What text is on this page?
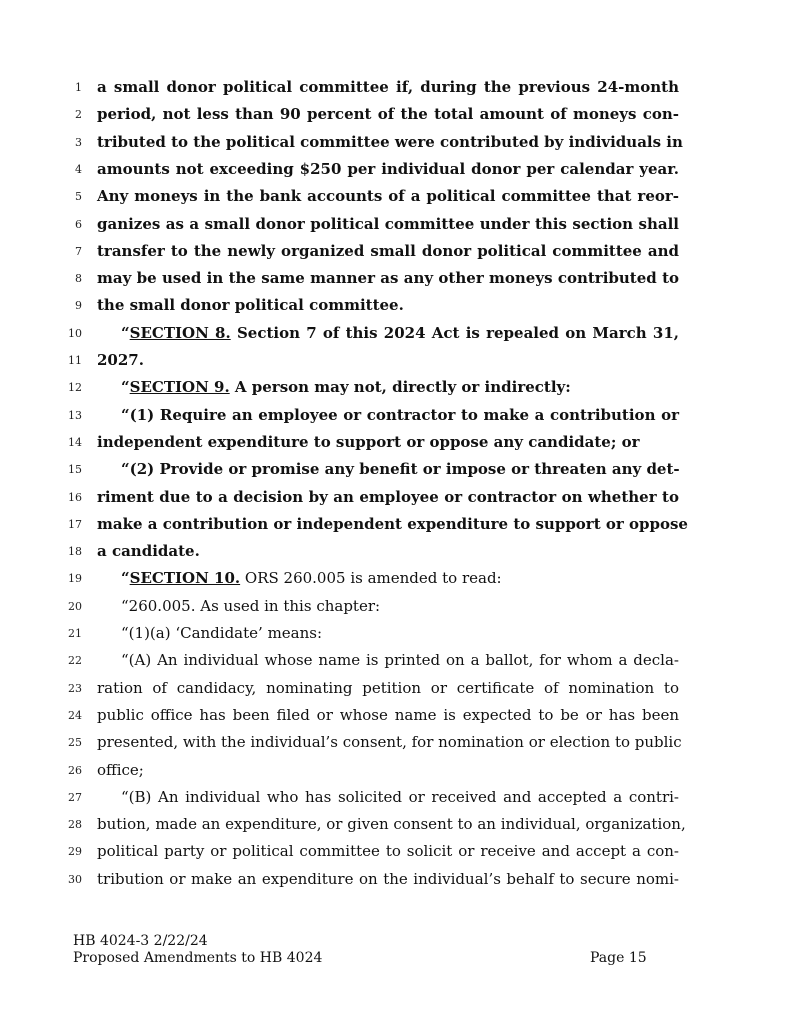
1 a small donor political committee if, during the previous 24-month
2 period, not less than 90 percent of the total amount of moneys con-
3 tributed to the political committee were contributed by individuals in
4 amounts not exceeding $250 per individual donor per calendar year.
5 Any moneys in the bank accounts of a political committee that reor-
6 ganizes as a small donor political committee under this section shall
7 transfer to the newly organized small donor political committee and
8 may be used in the same manner as any other moneys contributed to
9 the small donor political committee.
10	“SECTION 8. Section 7 of this 2024 Act is repealed on March 31,
11 2027.
12	“SECTION 9. A person may not, directly or indirectly:
13	“(1) Require an employee or contractor to make a contribution or
14 independent expenditure to support or oppose any candidate; or
15	“(2) Provide or promise any benefit or impose or threaten any det-
16 riment due to a decision by an employee or contractor on whether to
17 make a contribution or independent expenditure to support or oppose
18 a candidate.
19	“SECTION 10. ORS 260.005 is amended to read:
20	“260.005. As used in this chapter:
21	“(1)(a) ‘Candidate’ means:
22	“(A) An individual whose name is printed on a ballot, for whom a decla-
23 ration of candidacy, nominating petition or certificate of nomination to
24 public office has been filed or whose name is expected to be or has been
25 presented, with the individual’s consent, for nomination or election to public
26 office;
27	“(B) An individual who has solicited or received and accepted a contri-
28 bution, made an expenditure, or given consent to an individual, organization,
29 political party or political committee to solicit or receive and accept a con-
30 tribution or make an expenditure on the individual’s behalf to secure nomi-
HB 4024-3 2/22/24
Proposed Amendments to HB 4024	Page 15
